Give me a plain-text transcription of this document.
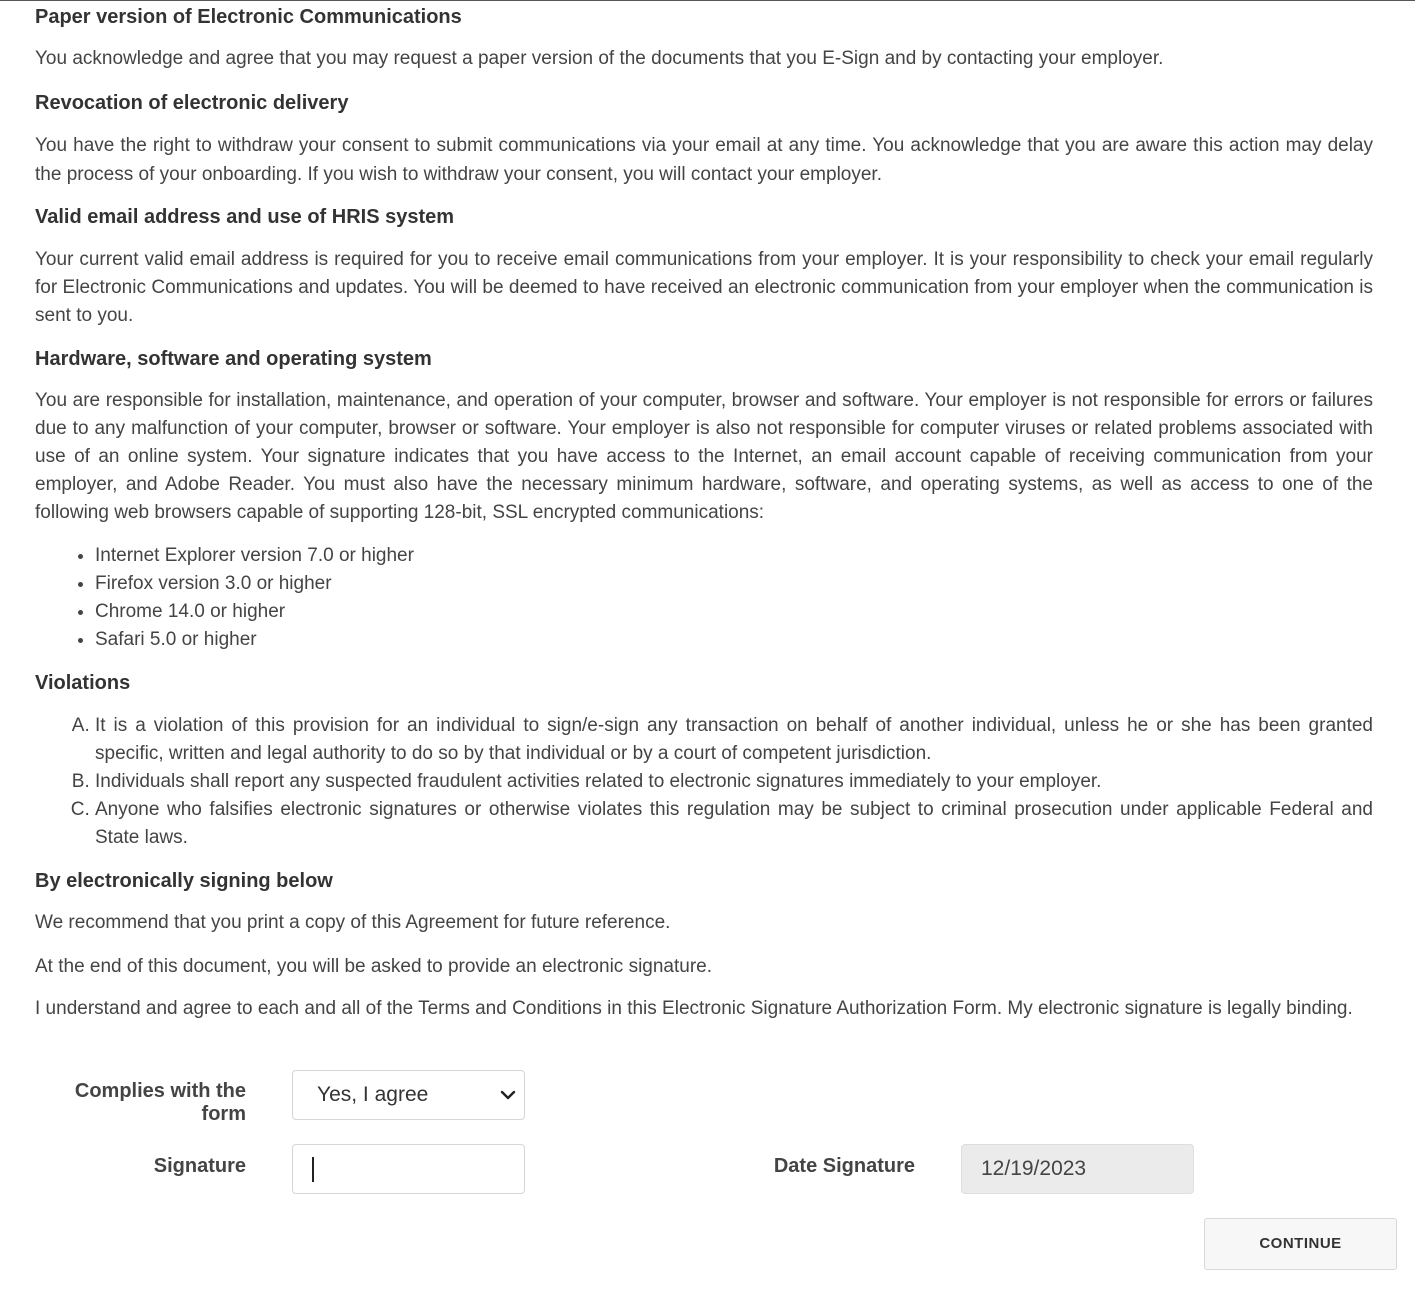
Paper version of Electronic Communications

You acknowledge and agree that you may request a paper version of the documents that you E-Sign and by contacting your employer.

Revocation of electronic delivery

You have the right to withdraw your consent to submit communications via your email at any time. You acknowledge that you are aware this action may delay the process of your onboarding. If you wish to withdraw your consent, you will contact your employer.

Valid email address and use of HRIS system

Your current valid email address is required for you to receive email communications from your employer. It is your responsibility to check your email regularly for Electronic Communications and updates. You will be deemed to have received an electronic communication from your employer when the communication is sent to you.

Hardware, software and operating system

You are responsible for installation, maintenance, and operation of your computer, browser and software. Your employer is not responsible for errors or failures due to any malfunction of your computer, browser or software. Your employer is also not responsible for computer viruses or related problems associated with use of an online system. Your signature indicates that you have access to the Internet, an email account capable of receiving communication from your employer, and Adobe Reader. You must also have the necessary minimum hardware, software, and operating systems, as well as access to one of the following web browsers capable of supporting 128-bit, SSL encrypted communications:

• Internet Explorer version 7.0 or higher
• Firefox version 3.0 or higher
• Chrome 14.0 or higher
• Safari 5.0 or higher
Violations
A. It is a violation of this provision for an individual to sign/e-sign any transaction on behalf of another individual, unless he or she has been granted specific, written and legal authority to do so by that individual or by a court of competent jurisdiction.
B. Individuals shall report any suspected fraudulent activities related to electronic signatures immediately to your employer.
C. Anyone who falsifies electronic signatures or otherwise violates this regulation may be subject to criminal prosecution under applicable Federal and State laws.
By electronically signing below

We recommend that you print a copy of this Agreement for future reference.

At the end of this document, you will be asked to provide an electronic signature.

I understand and agree to each and all of the Terms and Conditions in this Electronic Signature Authorization Form. My electronic signature is legally binding.

Complies with the form
Yes, I agree
Signature	Date Signature	12/19/2023
CONTINUE
